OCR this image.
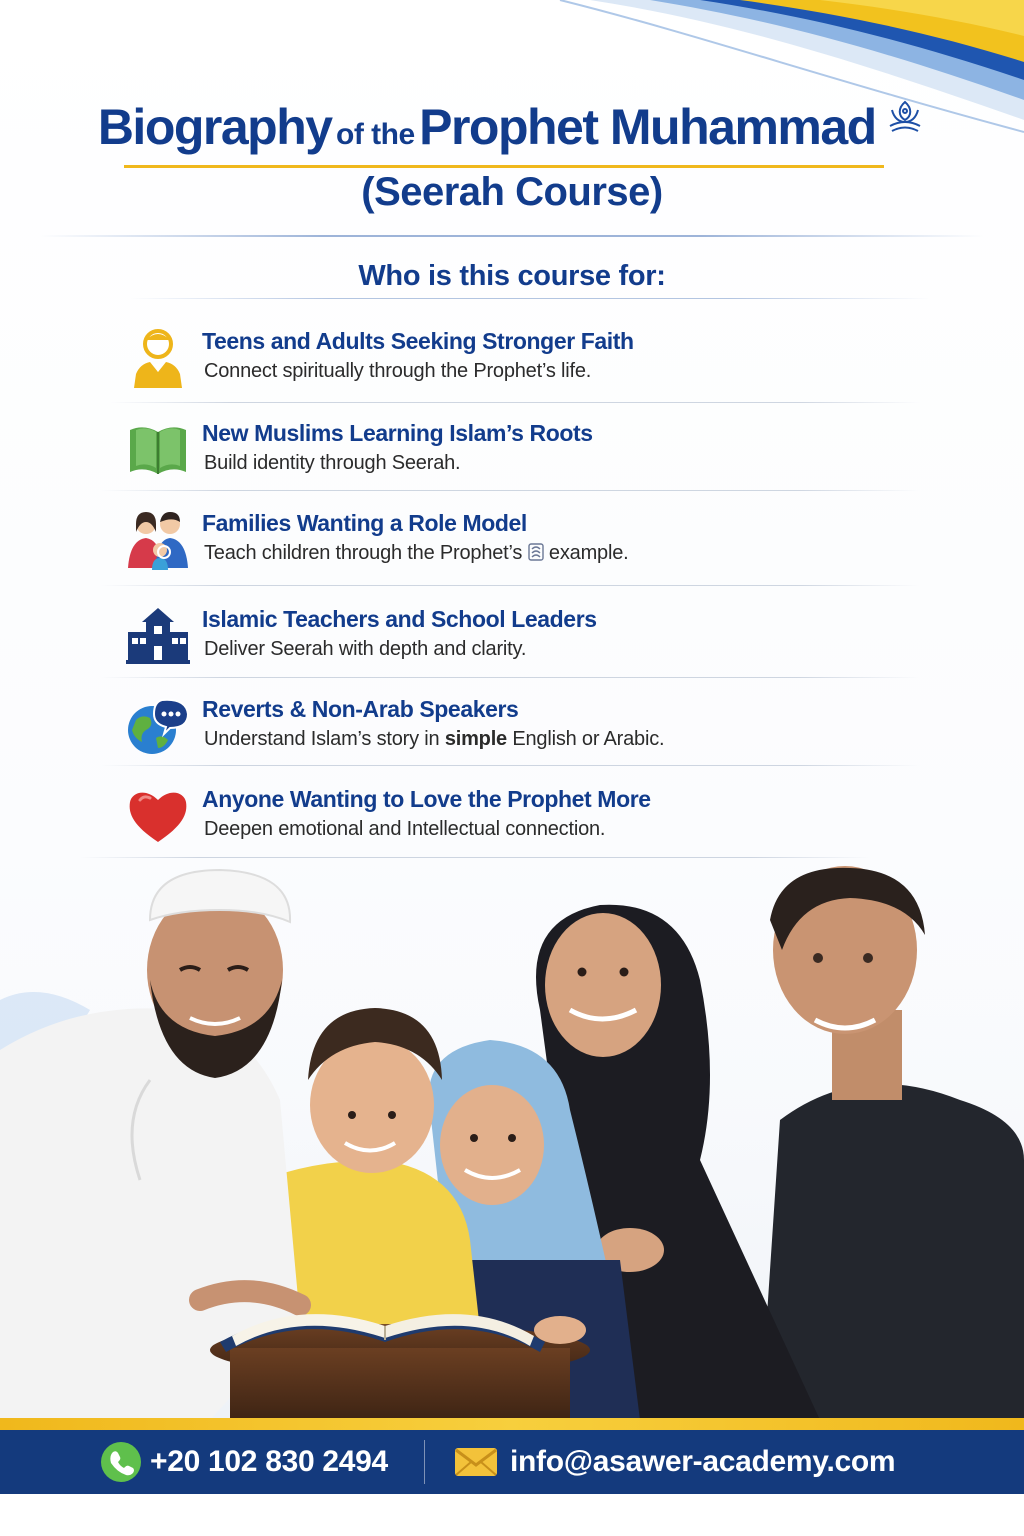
Biography of the Prophet Muhammad
(Seerah Course)
Who is this course for:
Teens and Adults Seeking Stronger Faith
Connect spiritually through the Prophet’s life.
New Muslims Learning Islam’s Roots
Build identity through Seerah.
Families Wanting a Role Model
Teach children through the Prophet’s example.
Islamic Teachers and School Leaders
Deliver Seerah with depth and clarity.
Reverts & Non-Arab Speakers
Understand Islam’s story in simple English or Arabic.
Anyone Wanting to Love the Prophet More
Deepen emotional and Intellectual connection.
+20 102 830 2494	info@asawer-academy.com
